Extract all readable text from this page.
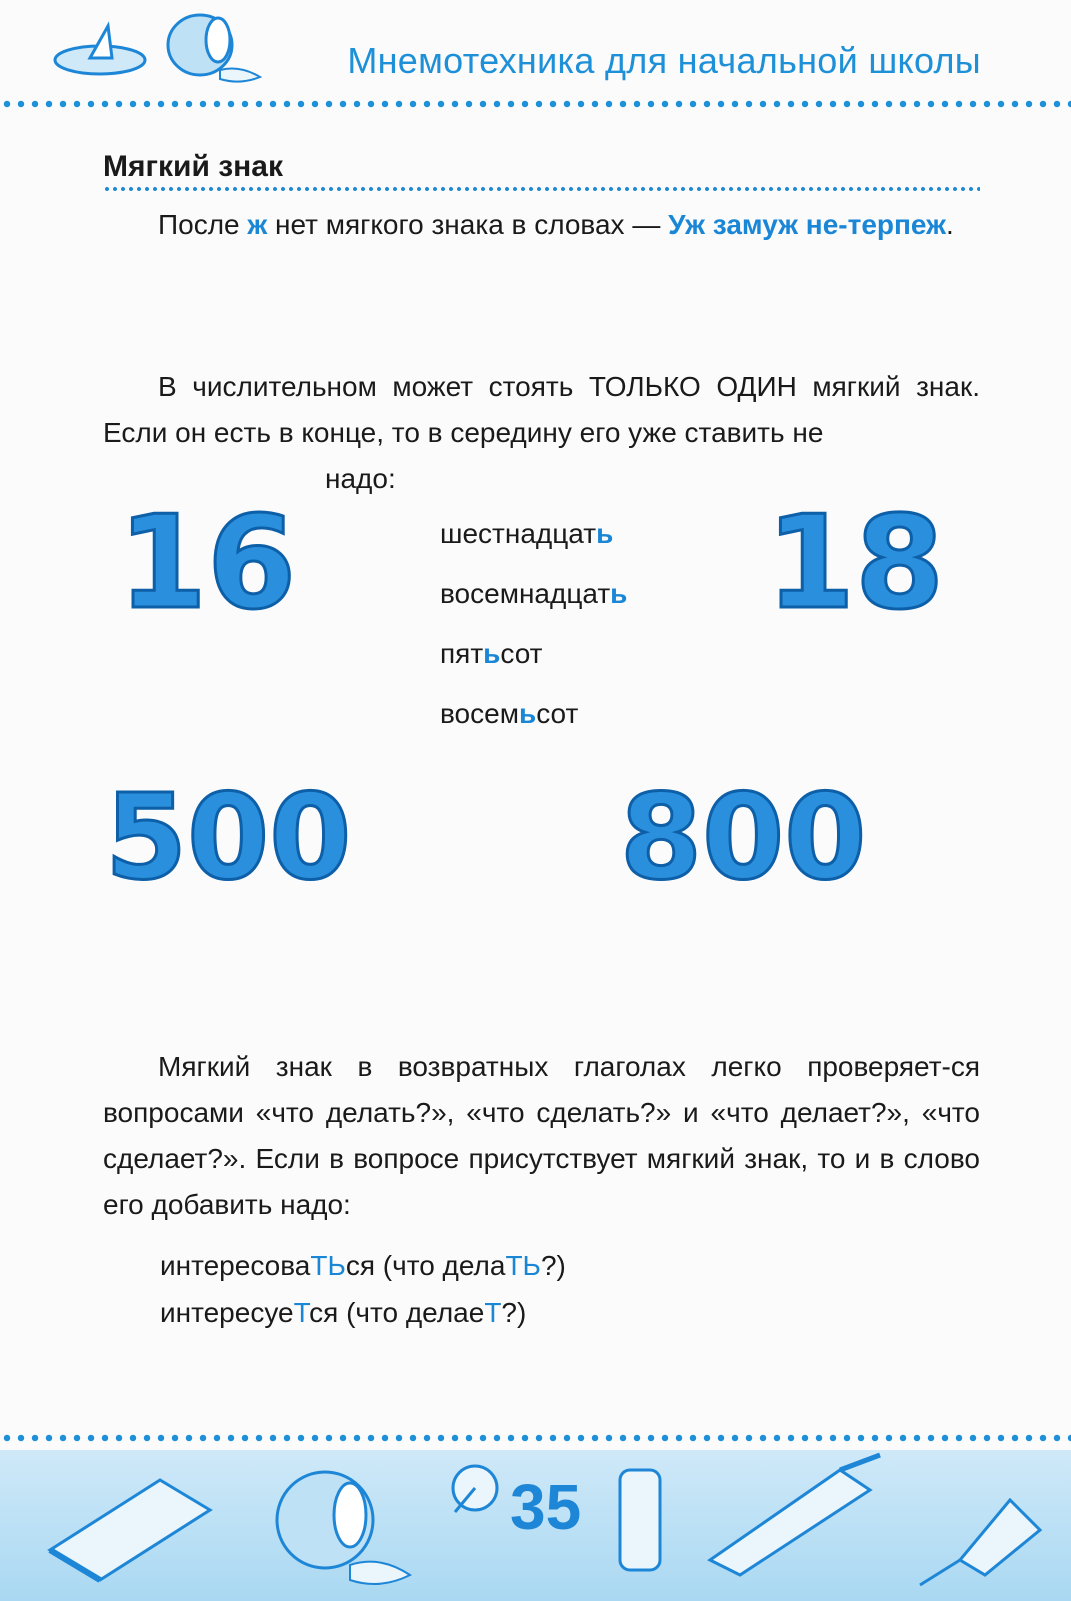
Мнемотехника для начальной школы
Мягкий знак

После ж нет мягкого знака в словах — Уж замуж не-терпеж.

В числительном может стоять ТОЛЬКО ОДИН мягкий знак. Если он есть в конце, то в середину его уже ставить не

надо:
16	18
500 800
шестнадцать
восемнадцать
пятьсот
восемьсот

Мягкий знак в возвратных глаголах легко проверяет-ся вопросами «что делать?», «что сделать?» и «что делает?», «что сделает?». Если в вопросе присутствует мягкий знак, то и в слово его добавить надо:

интересоваТЬся (что делаТЬ?)
интересуеТся (что делаеТ?)
35
